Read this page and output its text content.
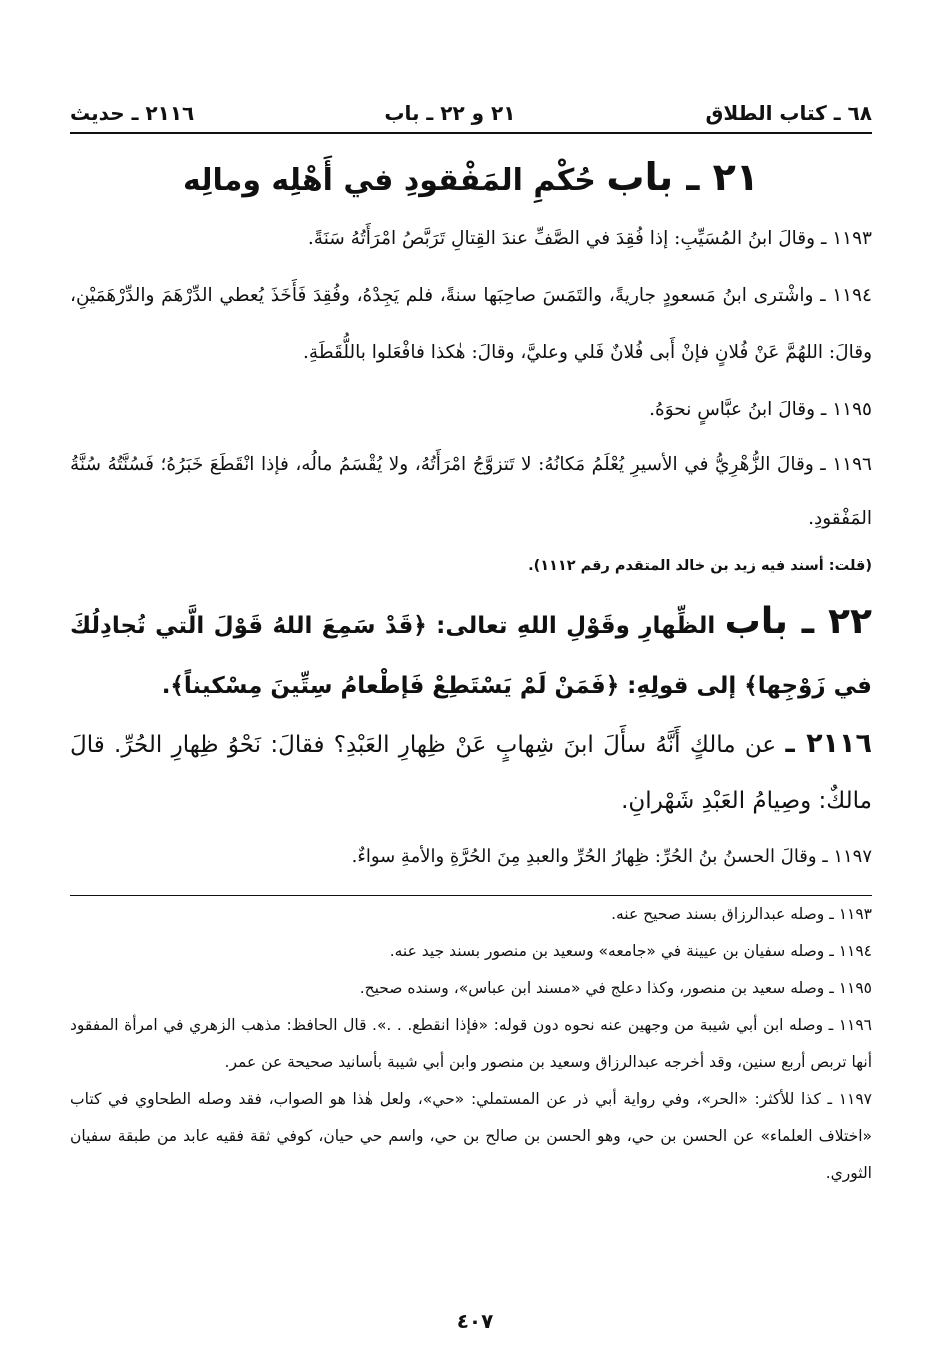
٦٨ ـ كتاب الطلاق
٢١ و ٢٢ ـ باب
٢١١٦ ـ حديث
٢١ ـ باب حُكْمِ المَفْقودِ في أَهْلِه ومالِه

١١٩٣ ـ وقالَ ابنُ المُسَيِّبِ: إذا فُقِدَ في الصَّفِّ عندَ القِتالِ تَرَبَّصُ امْرَأَتُهُ سَنَةً.

١١٩٤ ـ واشْترى ابنُ مَسعودٍ جاريةً، والتَمَسَ صاحِبَها سنةً، فلم يَجِدْهُ، وفُقِدَ فَأَخَذَ يُعطي الدِّرْهَمَ والدِّرْهَمَيْنِ، وقالَ: اللهُمَّ عَنْ فُلانٍ فإنْ أَبى فُلانٌ فَلي وعليَّ، وقالَ: هٰكذا فافْعَلوا باللُّقَطَةِ.

١١٩٥ ـ وقالَ ابنُ عبَّاسٍ نحوَهُ.

١١٩٦ ـ وقالَ الزُّهْرِيُّ في الأسيرِ يُعْلَمُ مَكانُهُ: لا تَتزوَّجُ امْرَأَتُهُ، ولا يُقْسَمُ مالُه، فإذا انْقَطَعَ خَبَرُهُ؛ فَسُنَّتُهُ سُنَّةُ المَفْقودِ.

(قلت: أسند فيه زيد بن خالد المتقدم رقم ١١١٢).

٢٢ ـ باب الظِّهارِ وقَوْلِ اللهِ تعالى: ﴿قَدْ سَمِعَ اللهُ قَوْلَ الَّتي تُجادِلُكَ في زَوْجِها﴾ إلى قولِهِ: ﴿فَمَنْ لَمْ يَسْتَطِعْ فَإطْعامُ سِتِّينَ مِسْكيناً﴾.

٢١١٦ ـ عن مالكٍ أَنَّهُ سأَلَ ابنَ شِهابٍ عَنْ ظِهارِ العَبْدِ؟ فقالَ: نَحْوُ ظِهارِ الحُرِّ. قالَ مالكٌ: وصِيامُ العَبْدِ شَهْرانِ.

١١٩٧ ـ وقالَ الحسنُ بنُ الحُرِّ: ظِهارُ الحُرِّ والعبدِ مِنَ الحُرَّةِ والأمةِ سواءٌ.

١١٩٣ ـ وصله عبدالرزاق بسند صحيح عنه.

١١٩٤ ـ وصله سفيان بن عيينة في «جامعه» وسعيد بن منصور بسند جيد عنه.

١١٩٥ ـ وصله سعيد بن منصور، وكذا دعلج في «مسند ابن عباس»، وسنده صحيح.

١١٩٦ ـ وصله ابن أبي شيبة من وجهين عنه نحوه دون قوله: «فإذا انقطع. . .». قال الحافظ: مذهب الزهري في امرأة المفقود أنها تربص أربع سنين، وقد أخرجه عبدالرزاق وسعيد بن منصور وابن أبي شيبة بأسانيد صحيحة عن عمر.

١١٩٧ ـ كذا للأكثر: «الحر»، وفي رواية أبي ذر عن المستملي: «حي»، ولعل هٰذا هو الصواب، فقد وصله الطحاوي في كتاب «اختلاف العلماء» عن الحسن بن حي، وهو الحسن بن صالح بن حي، واسم حي حيان، كوفي ثقة فقيه عابد من طبقة سفيان الثوري.

٤٠٧
